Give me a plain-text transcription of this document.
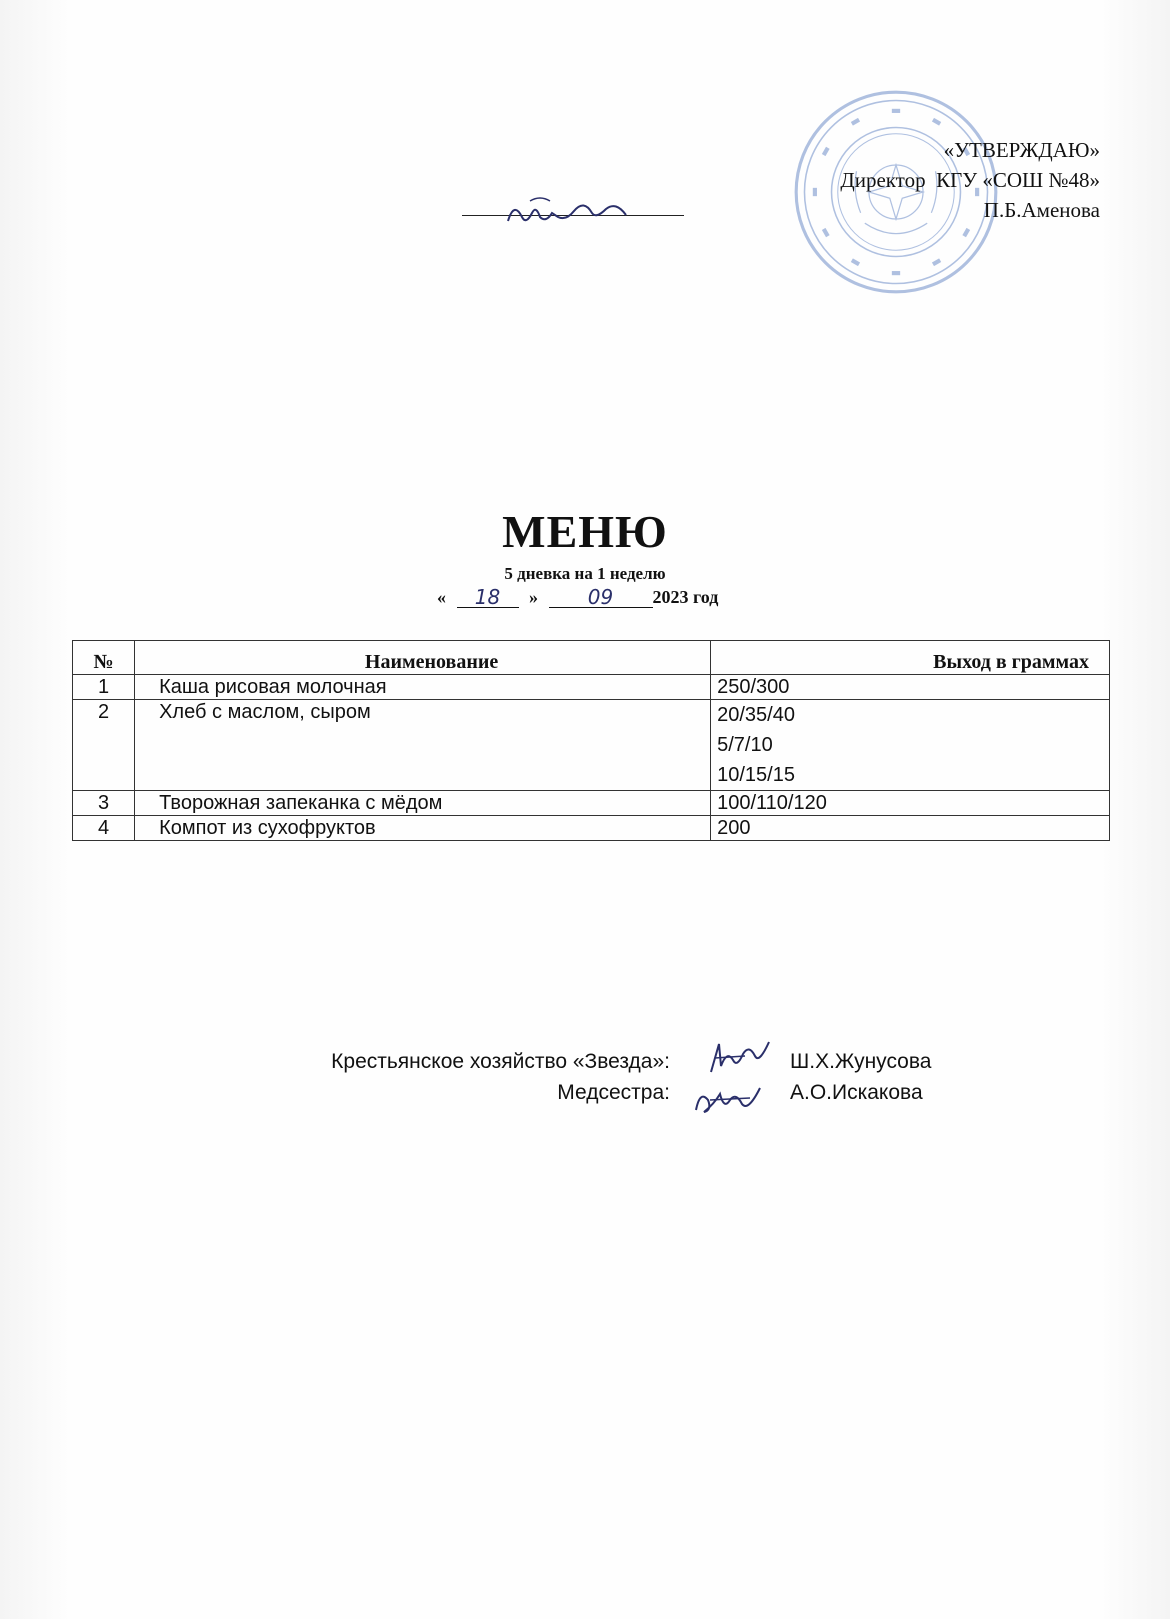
«УТВЕРЖДАЮ»
Директор  КГУ «СОШ №48»
П.Б.Аменова
МЕНЮ
5 дневка на 1 неделю
« 18 » 09 2023 год
№	Наименование	Выход в граммах
1	Каша рисовая молочная	250/300
2	Хлеб с маслом, сыром	20/35/40
5/7/10
10/15/15

3	Творожная запеканка с мёдом	100/110/120
4	Компот из сухофруктов	200
Крестьянское хозяйство «Звезда»:
Медсестра:
Ш.Х.Жунусова
А.О.Искакова
